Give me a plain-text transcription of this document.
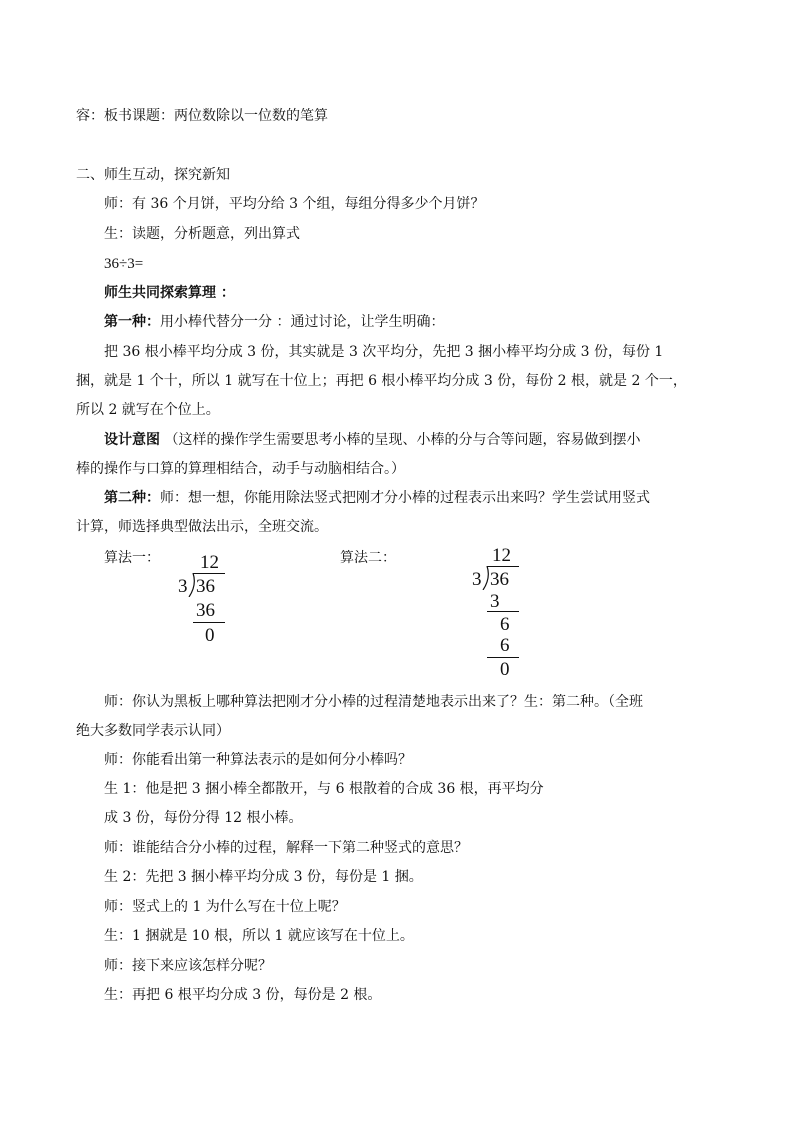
容：板书课题：两位数除以一位数的笔算
二、师生互动，探究新知
师：有 36 个月饼，平均分给 3 个组，每组分得多少个月饼？
生：读题，分析题意，列出算式
36÷3=
师生共同探索算理 ：
第一种：用小棒代替分一分 ：通过讨论，让学生明确：
把 36 根小棒平均分成 3 份，其实就是 3 次平均分，先把 3 捆小棒平均分成 3 份，每份 1
捆，就是 1 个十，所以 1 就写在十位上；再把 6 根小棒平均分成 3 份，每份 2 根，就是 2 个一，
所以 2 就写在个位上。
设计意图 （这样的操作学生需要思考小棒的呈现、小棒的分与合等问题，容易做到摆小
棒的操作与口算的算理相结合，动手与动脑相结合。）
第二种：师：想一想，你能用除法竖式把刚才分小棒的过程表示出来吗？学生尝试用竖式
计算，师选择典型做法出示，全班交流。
算法一： 12
3 36
36
0
算法二：	12
3 36
3
6
6
0
师：你认为黑板上哪种算法把刚才分小棒的过程清楚地表示出来了？生：第二种。（全班
绝大多数同学表示认同）
师：你能看出第一种算法表示的是如何分小棒吗？
生 1：他是把 3 捆小棒全都散开，与 6 根散着的合成 36 根，再平均分
成 3 份，每份分得 12 根小棒。
师：谁能结合分小棒的过程，解释一下第二种竖式的意思？
生 2：先把 3 捆小棒平均分成 3 份，每份是 1 捆。
师：竖式上的 1 为什么写在十位上呢？
生：1 捆就是 10 根，所以 1 就应该写在十位上。
师：接下来应该怎样分呢？
生：再把 6 根平均分成 3 份，每份是 2 根。
